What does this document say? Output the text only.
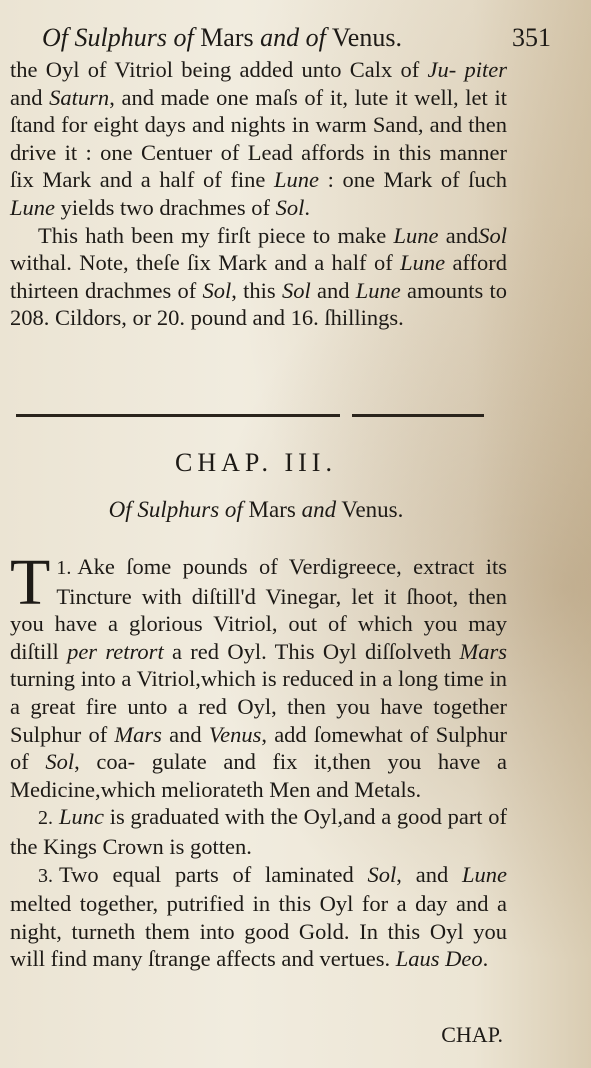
Of Sulphurs of Mars and of Venus.	351

the Oyl of Vitriol being added unto Calx of Ju- piter and Saturn, and made one maſs of it, lute it well, let it ſtand for eight days and nights in warm Sand, and then drive it : one Centuer of Lead affords in this manner ſix Mark and a half of fine Lune : one Mark of ſuch Lune yields two drachmes of Sol.

This hath been my firſt piece to make Lune andSol withal. Note, theſe ſix Mark and a half of Lune afford thirteen drachmes of Sol, this Sol and Lune amounts to 208. Cildors, or 20. pound and 16. ſhillings.

CHAP. III.
Of Sulphurs of Mars and Venus.

T 1. Ake ſome pounds of Verdigreece, extract its Tincture with diſtill'd Vinegar, let it ſhoot, then you have a glorious Vitriol, out of which you may diſtill per retrort a red Oyl. This Oyl diſſolveth Mars turning into a Vitriol,which is reduced in a long time in a great fire unto a red Oyl, then you have together Sulphur of Mars and Venus, add ſomewhat of Sulphur of Sol, coa- gulate and fix it,then you have a Medicine,which meliorateth Men and Metals.

2. Lunc is graduated with the Oyl,and a good part of the Kings Crown is gotten.

3. Two equal parts of laminated Sol, and Lune melted together, putrified in this Oyl for a day and a night, turneth them into good Gold. In this Oyl you will find many ſtrange affects and vertues. Laus Deo.

CHAP.
